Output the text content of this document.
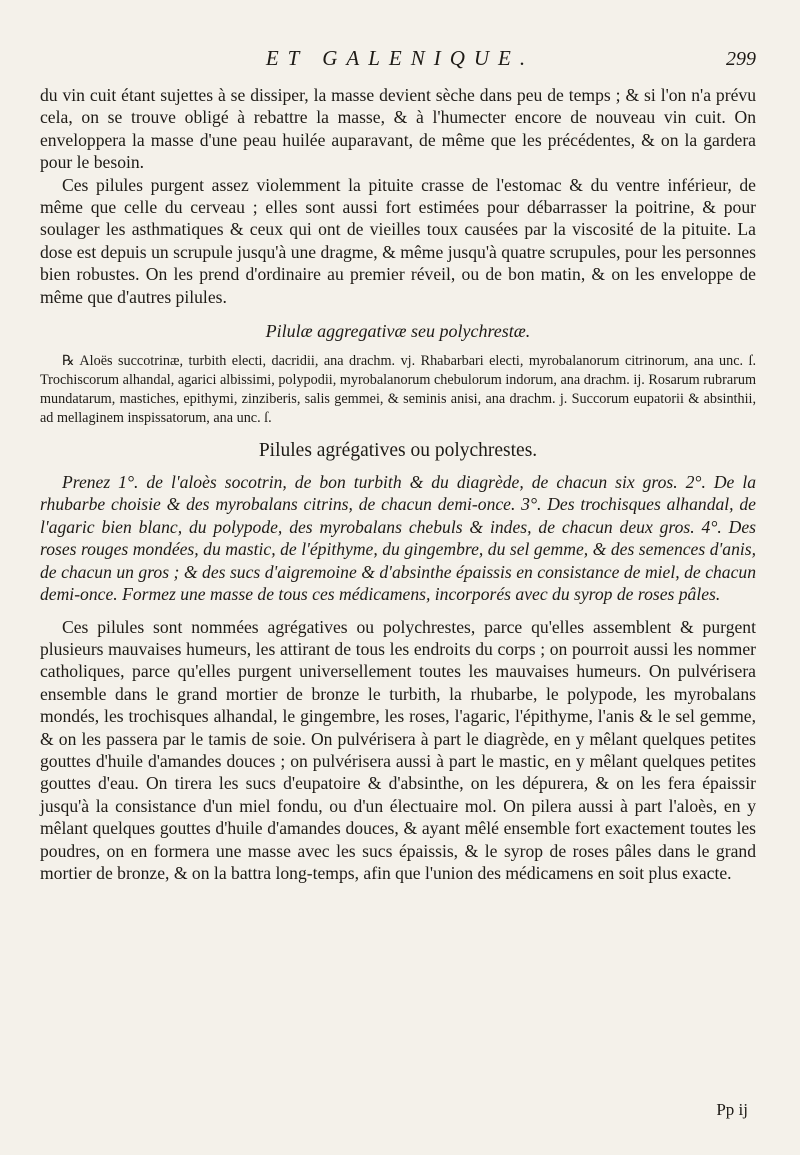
ET GALENIQUE.	299

du vin cuit étant sujettes à se dissiper, la masse devient sèche dans peu de temps ; & si l'on n'a prévu cela, on se trouve obligé à rebattre la masse, & à l'humecter encore de nouveau vin cuit. On enveloppera la masse d'une peau huilée auparavant, de même que les précédentes, & on la gardera pour le besoin.

Ces pilules purgent assez violemment la pituite crasse de l'estomac & du ventre inférieur, de même que celle du cerveau ; elles sont aussi fort estimées pour débarrasser la poitrine, & pour soulager les asthmatiques & ceux qui ont de vieilles toux causées par la viscosité de la pituite. La dose est depuis un scrupule jusqu'à une dragme, & même jusqu'à quatre scrupules, pour les personnes bien robustes. On les prend d'ordinaire au premier réveil, ou de bon matin, & on les enveloppe de même que d'autres pilules.

Pilulæ aggregativæ seu polychrestæ.

℞ Aloës succotrinæ, turbith electi, dacridii, ana drachm. vj. Rhabarbari electi, myrobalanorum citrinorum, ana unc. ſ. Trochiscorum alhandal, agarici albissimi, polypodii, myrobalanorum chebulorum indorum, ana drachm. ij. Rosarum rubrarum mundatarum, mastiches, epithymi, zinziberis, salis gemmei, & seminis anisi, ana drachm. j. Succorum eupatorii & absinthii, ad mellaginem inspissatorum, ana unc. ſ.

Pilules agrégatives ou polychrestes.

Prenez 1°. de l'aloès socotrin, de bon turbith & du diagrède, de chacun six gros. 2°. De la rhubarbe choisie & des myrobalans citrins, de chacun demi-once. 3°. Des trochisques alhandal, de l'agaric bien blanc, du polypode, des myrobalans chebuls & indes, de chacun deux gros. 4°. Des roses rouges mondées, du mastic, de l'épithyme, du gingembre, du sel gemme, & des semences d'anis, de chacun un gros ; & des sucs d'aigremoine & d'absinthe épaissis en consistance de miel, de chacun demi-once. Formez une masse de tous ces médicamens, incorporés avec du syrop de roses pâles.

Ces pilules sont nommées agrégatives ou polychrestes, parce qu'elles assemblent & purgent plusieurs mauvaises humeurs, les attirant de tous les endroits du corps ; on pourroit aussi les nommer catholiques, parce qu'elles purgent universellement toutes les mauvaises humeurs. On pulvérisera ensemble dans le grand mortier de bronze le turbith, la rhubarbe, le polypode, les myrobalans mondés, les trochisques alhandal, le gingembre, les roses, l'agaric, l'épithyme, l'anis & le sel gemme, & on les passera par le tamis de soie. On pulvérisera à part le diagrède, en y mêlant quelques petites gouttes d'huile d'amandes douces ; on pulvérisera aussi à part le mastic, en y mêlant quelques petites gouttes d'eau. On tirera les sucs d'eupatoire & d'absinthe, on les dépurera, & on les fera épaissir jusqu'à la consistance d'un miel fondu, ou d'un électuaire mol. On pilera aussi à part l'aloès, en y mêlant quelques gouttes d'huile d'amandes douces, & ayant mêlé ensemble fort exactement toutes les poudres, on en formera une masse avec les sucs épaissis, & le syrop de roses pâles dans le grand mortier de bronze, & on la battra long-temps, afin que l'union des médicamens en soit plus exacte.

Pp ij
